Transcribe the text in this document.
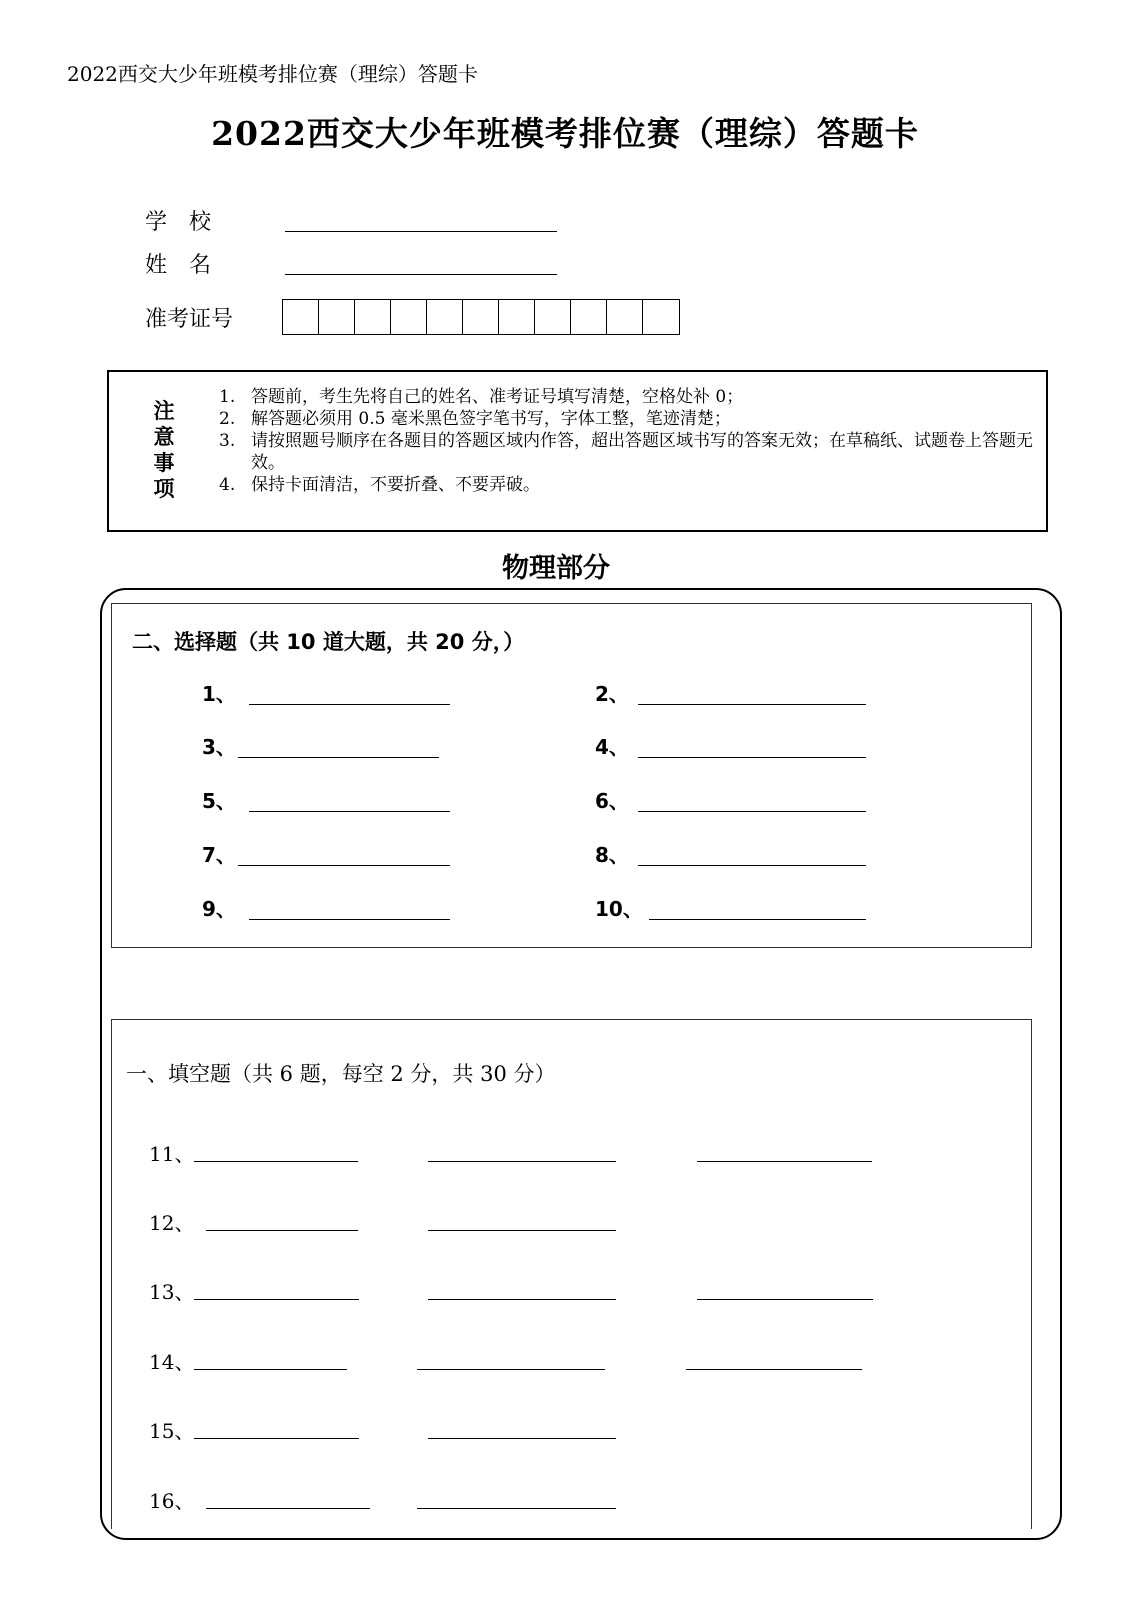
2022西交大少年班模考排位赛（理综）答题卡
2022西交大少年班模考排位赛（理综）答题卡
学　校
姓　名
准考证号
注
意
事
项
1. 答题前，考生先将自己的姓名、准考证号填写清楚，空格处补 0；
2. 解答题必须用 0.5 毫米黑色签字笔书写，字体工整，笔迹清楚；
3. 请按照题号顺序在各题目的答题区域内作答，超出答题区域书写的答案无效；在草稿纸、试题卷上答题无效。
4. 保持卡面清洁，不要折叠、不要弄破。
物理部分
二、选择题（共 10 道大题，共 20 分，）
1、	2、
3、	4、
5、	6、
7、	8、
9、	10、
一、填空题（共 6 题，每空 2 分，共 30 分）
11、
12、
13、
14、
15、
16、
